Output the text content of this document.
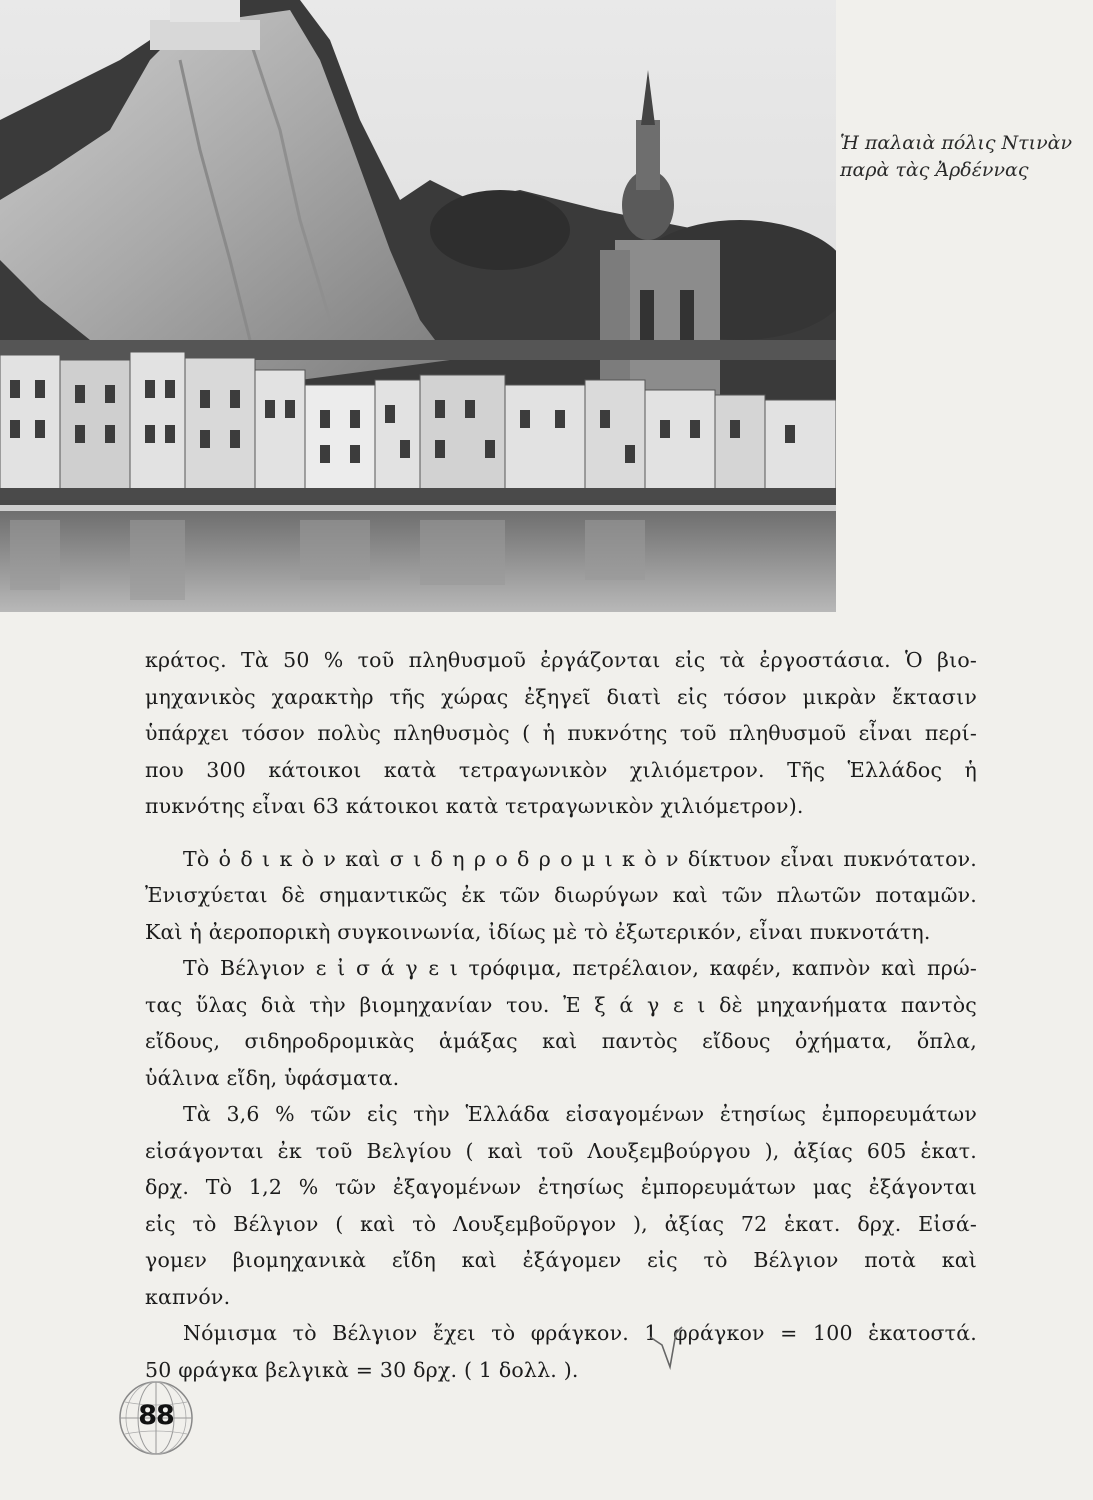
Ἡ παλαιὰ πόλις Ντινὰν
παρὰ τὰς Ἀρδέννας
κράτος. Τὰ 50 % τοῦ πληθυσμοῦ ἐργάζονται εἰς τὰ ἐργοστάσια. Ὁ βιο-
μηχανικὸς χαρακτὴρ τῆς χώρας ἐξηγεῖ διατὶ εἰς τόσον μικρὰν ἔκτασιν
ὑπάρχει τόσον πολὺς πληθυσμὸς ( ἡ πυκνότης τοῦ πληθυσμοῦ εἶναι περί-
που 300 κάτοικοι κατὰ τετραγωνικὸν χιλιόμετρον. Τῆς Ἑλλάδος ἡ
πυκνότης εἶναι 63 κάτοικοι κατὰ τετραγωνικὸν χιλιόμετρον).
Τὸ ὁ δ ι κ ὸ ν καὶ σ ι δ η ρ ο δ ρ ο μ ι κ ὸ ν δίκτυον εἶναι πυκνότατον.
Ἐνισχύεται δὲ σημαντικῶς ἐκ τῶν διωρύγων καὶ τῶν πλωτῶν ποταμῶν.
Καὶ ἡ ἀεροπορικὴ συγκοινωνία, ἰδίως μὲ τὸ ἐξωτερικόν, εἶναι πυκνοτάτη.
Τὸ Βέλγιον ε ἰ σ ά γ ε ι τρόφιμα, πετρέλαιον, καφέν, καπνὸν καὶ πρώ-
τας ὕλας διὰ τὴν βιομηχανίαν του. Ἐ ξ ά γ ε ι δὲ μηχανήματα παντὸς
εἴδους, σιδηροδρομικὰς ἁμάξας καὶ παντὸς εἴδους ὀχήματα, ὅπλα,
ὑάλινα εἴδη, ὑφάσματα.
Τὰ 3,6 % τῶν εἰς τὴν Ἑλλάδα εἰσαγομένων ἐτησίως ἐμπορευμάτων
εἰσάγονται ἐκ τοῦ Βελγίου ( καὶ τοῦ Λουξεμβούργου ), ἀξίας 605 ἑκατ.
δρχ. Τὸ 1,2 % τῶν ἐξαγομένων ἐτησίως ἐμπορευμάτων μας ἐξάγονται
εἰς τὸ Βέλγιον ( καὶ τὸ Λουξεμβοῦργον ), ἀξίας 72 ἑκατ. δρχ. Εἰσά-
γομεν βιομηχανικὰ εἴδη καὶ ἐξάγομεν εἰς τὸ Βέλγιον ποτὰ καὶ
καπνόν.
Νόμισμα τὸ Βέλγιον ἔχει τὸ φράγκον. 1 φράγκον = 100 ἑκατοστά.
50 φράγκα βελγικὰ = 30 δρχ. ( 1 δολλ. ).
88
